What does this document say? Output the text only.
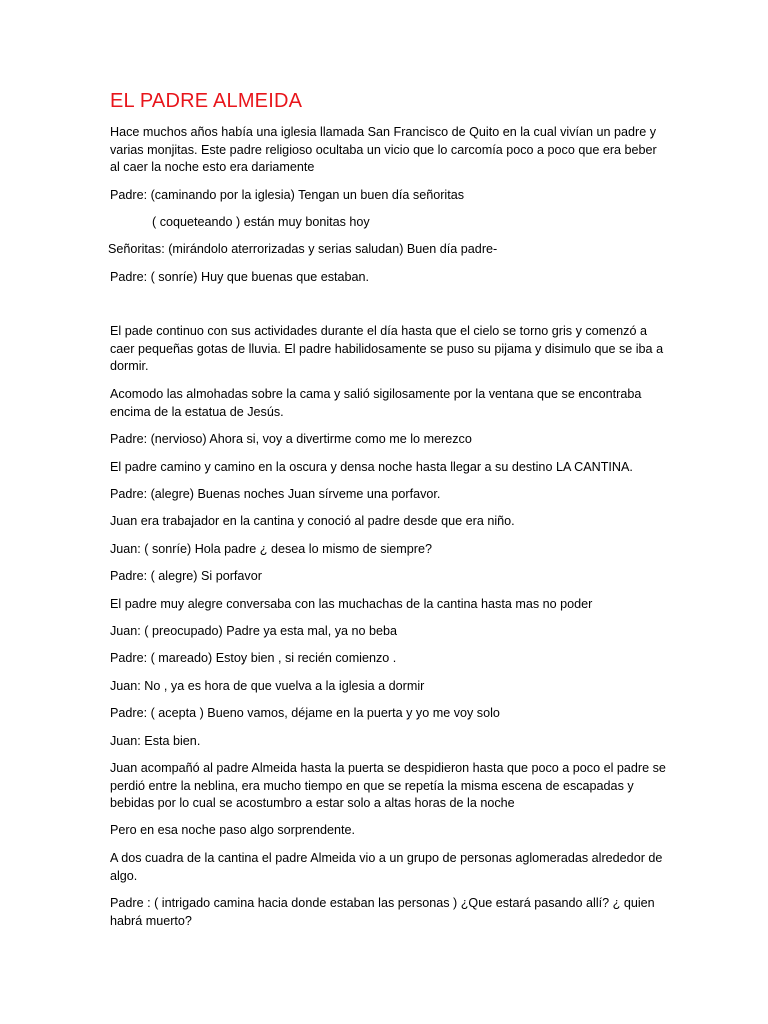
EL PADRE ALMEIDA

Hace muchos años había una iglesia llamada San Francisco de Quito en la cual vivían un padre y varias monjitas. Este padre religioso ocultaba un vicio que lo carcomía poco a poco que era beber al caer la noche esto era dariamente

Padre: (caminando por la iglesia) Tengan un buen día señoritas

( coqueteando ) están muy bonitas hoy

Señoritas: (mirándolo aterrorizadas y serias saludan) Buen día padre-

Padre: ( sonríe) Huy que buenas que estaban.

El pade continuo con sus actividades durante el día hasta que el cielo se torno gris y comenzó a caer pequeñas gotas de lluvia. El padre habilidosamente se puso su pijama y disimulo que se iba a dormir.

Acomodo las almohadas sobre la cama y salió sigilosamente por la ventana que se encontraba encima de la estatua de Jesús.

Padre: (nervioso) Ahora si, voy a divertirme como me lo merezco

El padre camino y camino en la oscura y densa noche hasta llegar a su destino LA CANTINA.

Padre: (alegre) Buenas noches Juan sírveme una porfavor.

Juan era trabajador en la cantina y conoció al padre desde que era niño.

Juan: ( sonríe) Hola padre ¿ desea lo mismo de siempre?

Padre: ( alegre) Si porfavor

El padre muy alegre conversaba con las muchachas de la cantina hasta mas no poder

Juan: ( preocupado) Padre ya esta mal, ya no beba

Padre: ( mareado) Estoy bien , si recién comienzo .

Juan: No , ya es hora de que vuelva a la iglesia a dormir

Padre: ( acepta ) Bueno vamos, déjame en la puerta y yo me voy solo

Juan: Esta bien.

Juan acompañó al padre Almeida hasta la puerta se despidieron hasta que poco a poco el padre se perdió entre la neblina, era mucho tiempo en que se repetía la misma escena de escapadas y bebidas por lo cual se acostumbro a estar solo a altas horas de la noche

Pero en esa noche paso algo sorprendente.

A dos cuadra de la cantina el padre Almeida vio a un grupo de personas aglomeradas alrededor de algo.

Padre : ( intrigado camina hacia donde estaban las personas ) ¿Que estará pasando allí? ¿ quien habrá muerto?
